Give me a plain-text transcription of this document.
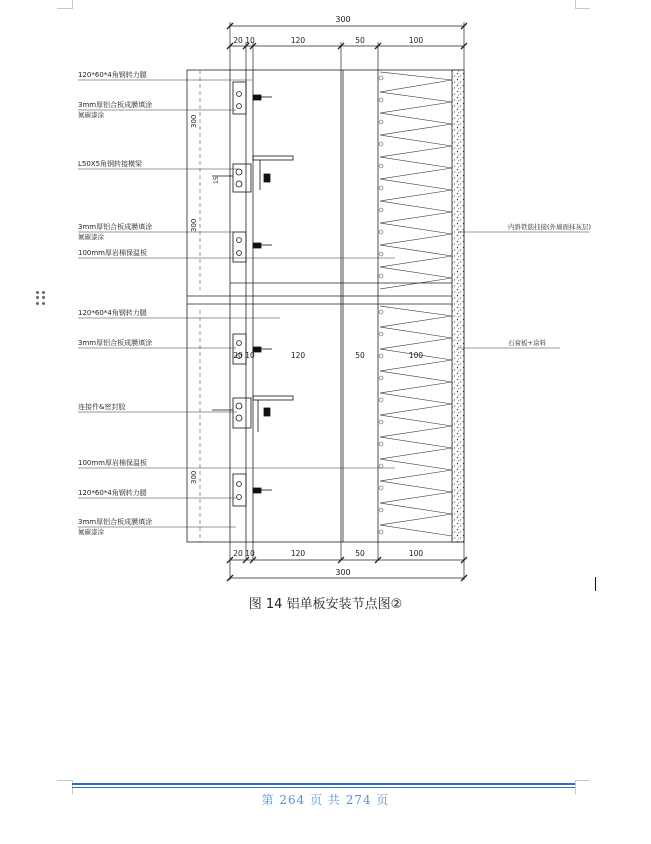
300
20 10	120	50	100
15
300
300
300
20 10	120	50	100
120*60*4角钢转力腿
3mm厚铝合板成膜填涂
氟碳漆涂
L50X5角钢转接横梁
3mm厚铝合板成膜填涂
氟碳漆涂
100mm厚岩棉保温板
120*60*4角钢转力腿
3mm厚铝合板成膜填涂
连接件&密封胶
100mm厚岩棉保温板
120*60*4角钢转力腿
3mm厚铝合板成膜填涂
氟碳漆涂
内斜铁筋挂接(外墙面抹灰层)
石膏板+涂料
20 10	120	50	100
300
图 14 铝单板安装节点图②
第 264 页 共 274 页
